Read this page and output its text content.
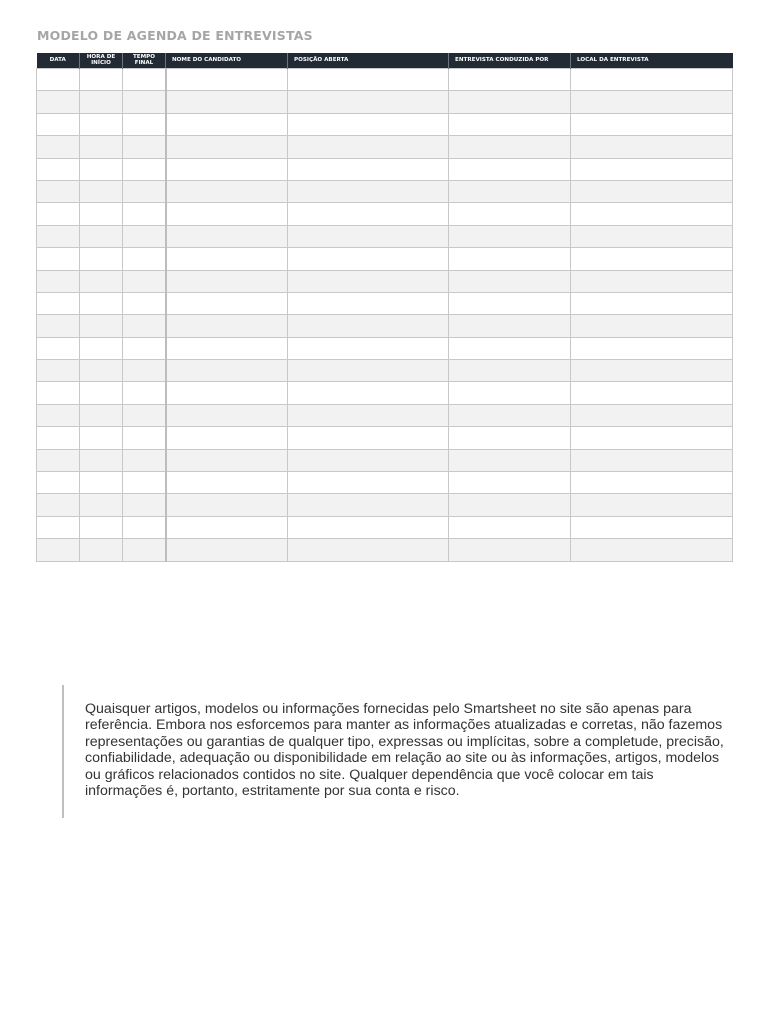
MODELO DE AGENDA DE ENTREVISTAS
DATA	HORA DE INÍCIO	TEMPO FINAL	NOME DO CANDIDATO	POSIÇÃO ABERTA	ENTREVISTA CONDUZIDA POR	LOCAL DA ENTREVISTA

Quaisquer artigos, modelos ou informações fornecidas pelo Smartsheet no site são apenas para referência. Embora nos esforcemos para manter as informações atualizadas e corretas, não fazemos representações ou garantias de qualquer tipo, expressas ou implícitas, sobre a completude, precisão, confiabilidade, adequação ou disponibilidade em relação ao site ou às informações, artigos, modelos ou gráficos relacionados contidos no site. Qualquer dependência que você colocar em tais informações é, portanto, estritamente por sua conta e risco.
